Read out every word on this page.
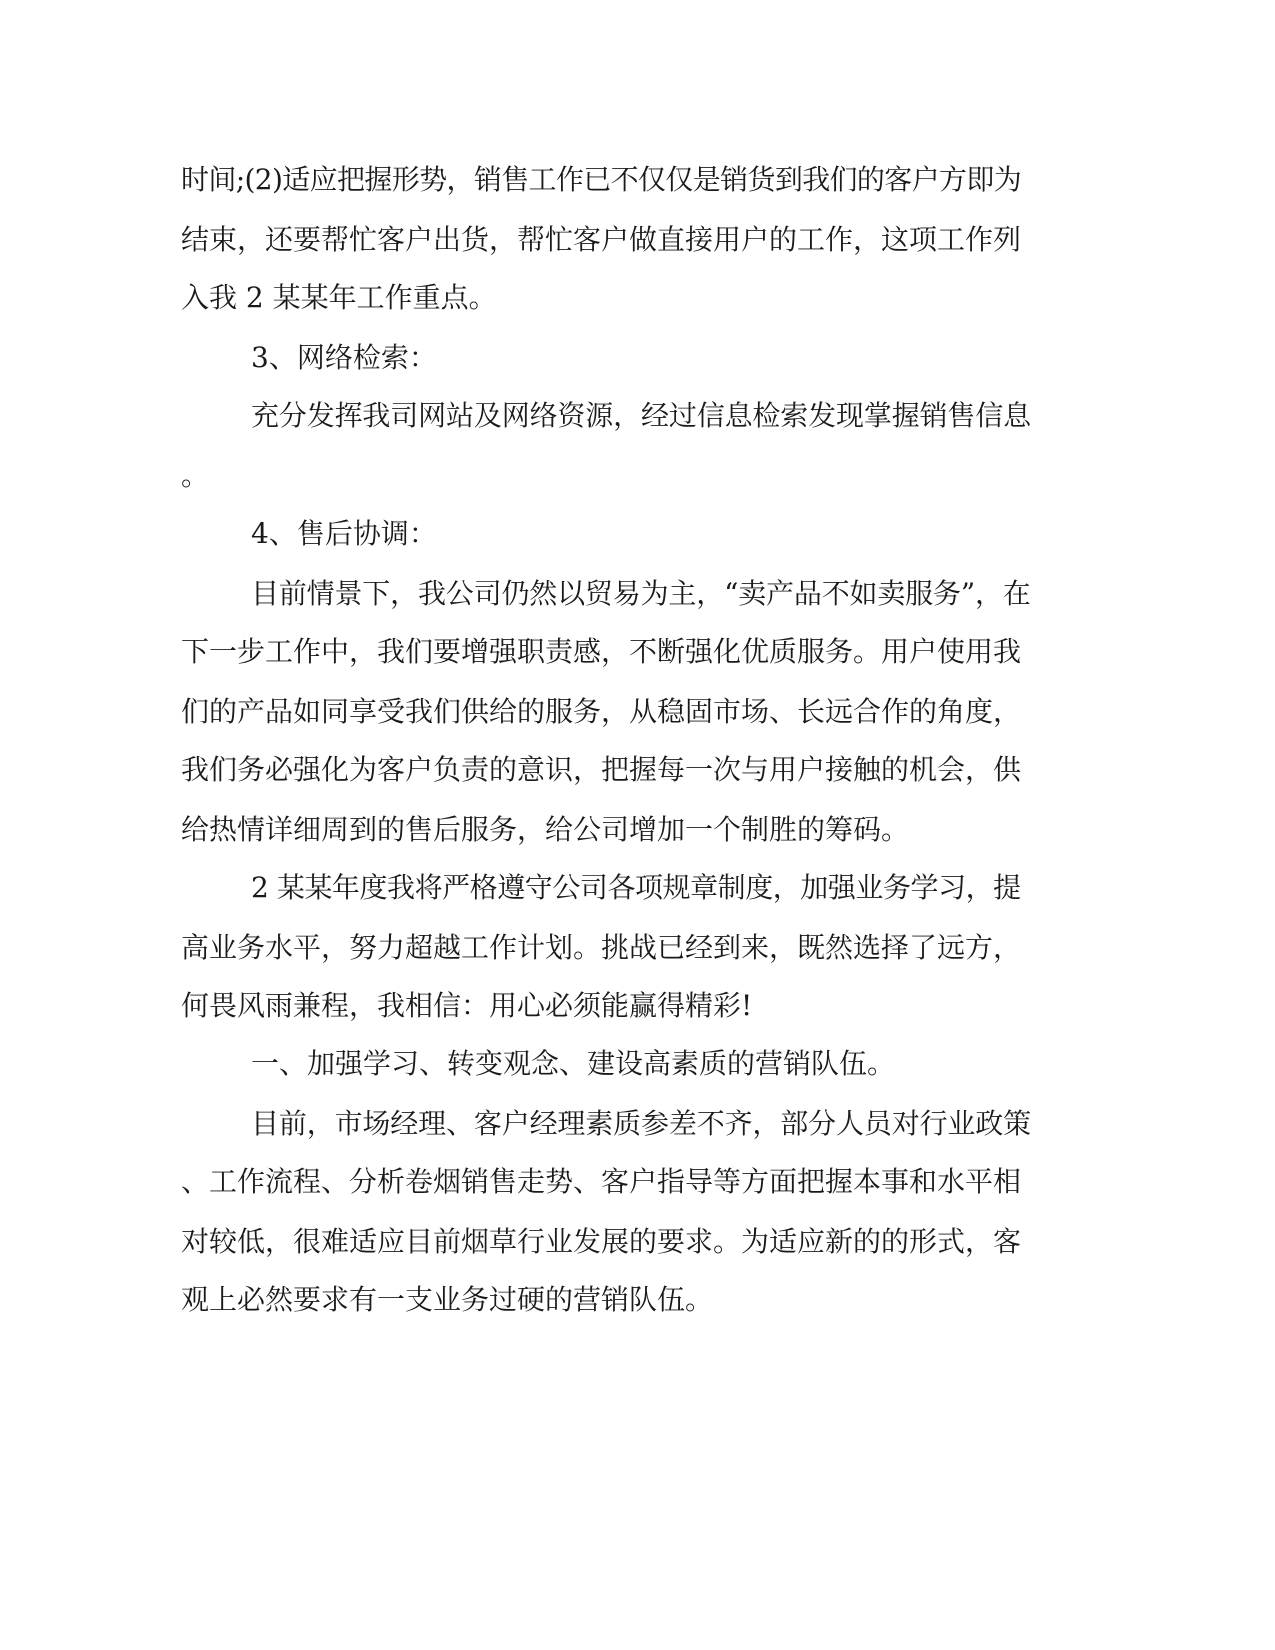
时间;(2)适应把握形势，销售工作已不仅仅是销货到我们的客户方即为
结束，还要帮忙客户出货，帮忙客户做直接用户的工作，这项工作列
入我 2 某某年工作重点。
3、网络检索：
充分发挥我司网站及网络资源，经过信息检索发现掌握销售信息
。
4、售后协调：
目前情景下，我公司仍然以贸易为主，“卖产品不如卖服务”，在
下一步工作中，我们要增强职责感，不断强化优质服务。用户使用我
们的产品如同享受我们供给的服务，从稳固市场、长远合作的角度，
我们务必强化为客户负责的意识，把握每一次与用户接触的机会，供
给热情详细周到的售后服务，给公司增加一个制胜的筹码。
2 某某年度我将严格遵守公司各项规章制度，加强业务学习，提
高业务水平，努力超越工作计划。挑战已经到来，既然选择了远方，
何畏风雨兼程，我相信：用心必须能赢得精彩!
一、加强学习、转变观念、建设高素质的营销队伍。
目前，市场经理、客户经理素质参差不齐，部分人员对行业政策
、工作流程、分析卷烟销售走势、客户指导等方面把握本事和水平相
对较低，很难适应目前烟草行业发展的要求。为适应新的的形式，客
观上必然要求有一支业务过硬的营销队伍。
